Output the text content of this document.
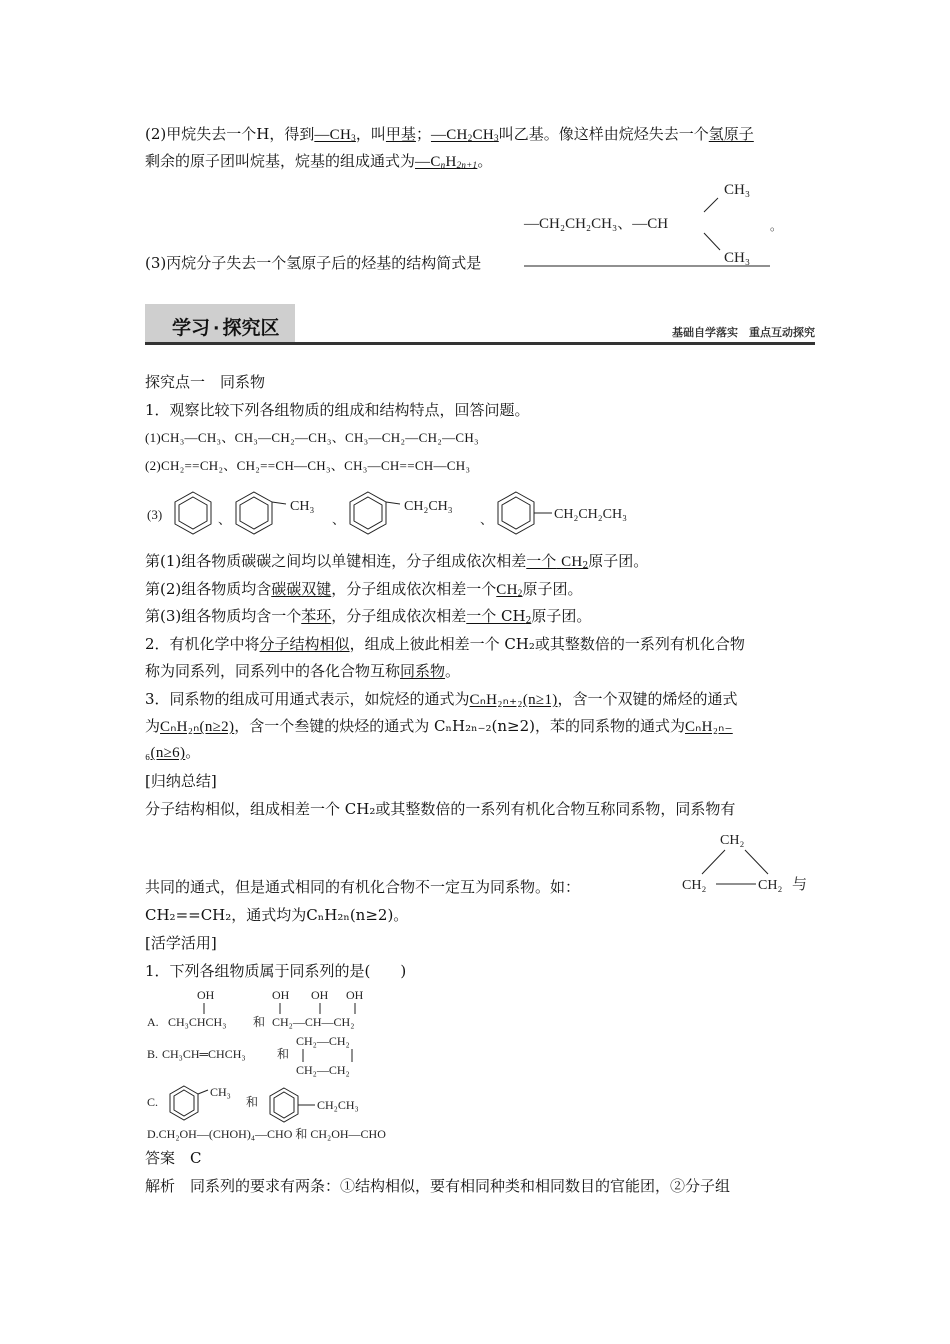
(2)甲烷失去一个H，得到$—CH_3$，叫甲基；$—CH_2CH_3$叫乙基。像这样由烷烃失去一个氢原子
剩余的原子团叫烷基，烷基的组成通式为$—C_nH_{2n+1}$。
—CH₂CH₂CH₃、—CH
CH₃
CH₃
。
(3)丙烷分子失去一个氢原子后的烃基的结构简式是
学习 · 探究区	基础自学落实　重点互动探究
探究点一　同系物
1．观察比较下列各组物质的组成和结构特点，回答问题。
(1)CH₃—CH₃、CH₃—CH₂—CH₃、CH₃—CH₂—CH₂—CH₃
(2)CH₂==CH₂、CH₂==CH—CH₃、CH₃—CH==CH—CH₃
(3)	、
CH₃
、
CH₂CH₃
、	CH₂CH₂CH₃
第(1)组各物质碳碳之间均以单键相连，分子组成依次相差一个 $CH_2$原子团。
第(2)组各物质均含碳碳双键，分子组成依次相差一个$CH_2$原子团。
第(3)组各物质均含一个苯环，分子组成依次相差一个 $CH_2$原子团。
2．有机化学中将分子结构相似，组成上彼此相差一个 CH₂或其整数倍的一系列有机化合物
称为同系列，同系列中的各化合物互称同系物。
3．同系物的组成可用通式表示，如烷烃的通式为CₙH₂ₙ₊₂(n≥1)，含一个双键的烯烃的通式
为CₙH₂ₙ(n≥2)，含一个叁键的炔烃的通式为 CₙH₂ₙ₋₂(n≥2)，苯的同系物的通式为CₙH₂ₙ₋
₆(n≥6)。
[归纳总结]
分子结构相似，组成相差一个 CH₂或其整数倍的一系列有机化合物互称同系物，同系物有
CH₂
CH₂	CH₂ 与
共同的通式，但是通式相同的有机化合物不一定互为同系物。如：
CH₂==CH₂，通式均为CₙH₂ₙ(n≥2)。
[活学活用]
1．下列各组物质属于同系列的是(　　)
A.
OH
CH₃CHCH₃ 和
OH OH OH
CH₂—CH—CH₂
B. CH₃CH═CHCH₃	和
CH₂—CH₂
CH₂—CH₂
C.
CH₃
和	CH₂CH₃
D.CH₂OH—(CHOH)₄—CHO 和 CH₂OH—CHO
答案　C
解析　同系列的要求有两条：①结构相似，要有相同种类和相同数目的官能团，②分子组
